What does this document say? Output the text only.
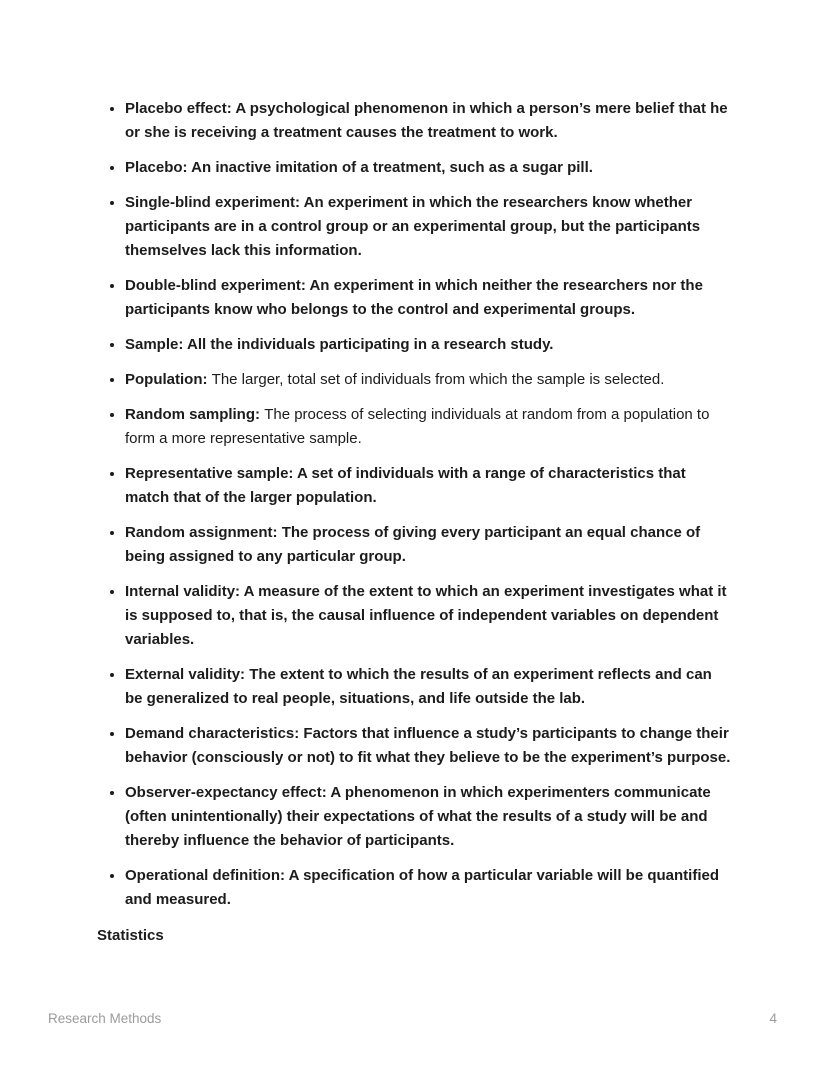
• Placebo effect: A psychological phenomenon in which a person’s mere belief that he or she is receiving a treatment causes the treatment to work.
• Placebo: An inactive imitation of a treatment, such as a sugar pill.
• Single-blind experiment: An experiment in which the researchers know whether participants are in a control group or an experimental group, but the participants themselves lack this information.
• Double-blind experiment: An experiment in which neither the researchers nor the participants know who belongs to the control and experimental groups.
• Sample: All the individuals participating in a research study.
• Population: The larger, total set of individuals from which the sample is selected.
• Random sampling: The process of selecting individuals at random from a population to form a more representative sample.
• Representative sample: A set of individuals with a range of characteristics that match that of the larger population.
• Random assignment: The process of giving every participant an equal chance of being assigned to any particular group.
• Internal validity: A measure of the extent to which an experiment investigates what it is supposed to, that is, the causal influence of independent variables on dependent variables.
• External validity: The extent to which the results of an experiment reflects and can be generalized to real people, situations, and life outside the lab.
• Demand characteristics: Factors that influence a study’s participants to change their behavior (consciously or not) to fit what they believe to be the experiment’s purpose.
• Observer-expectancy effect: A phenomenon in which experimenters communicate (often unintentionally) their expectations of what the results of a study will be and thereby influence the behavior of participants.
• Operational definition: A specification of how a particular variable will be quantified and measured.
Statistics
Research Methods	4
